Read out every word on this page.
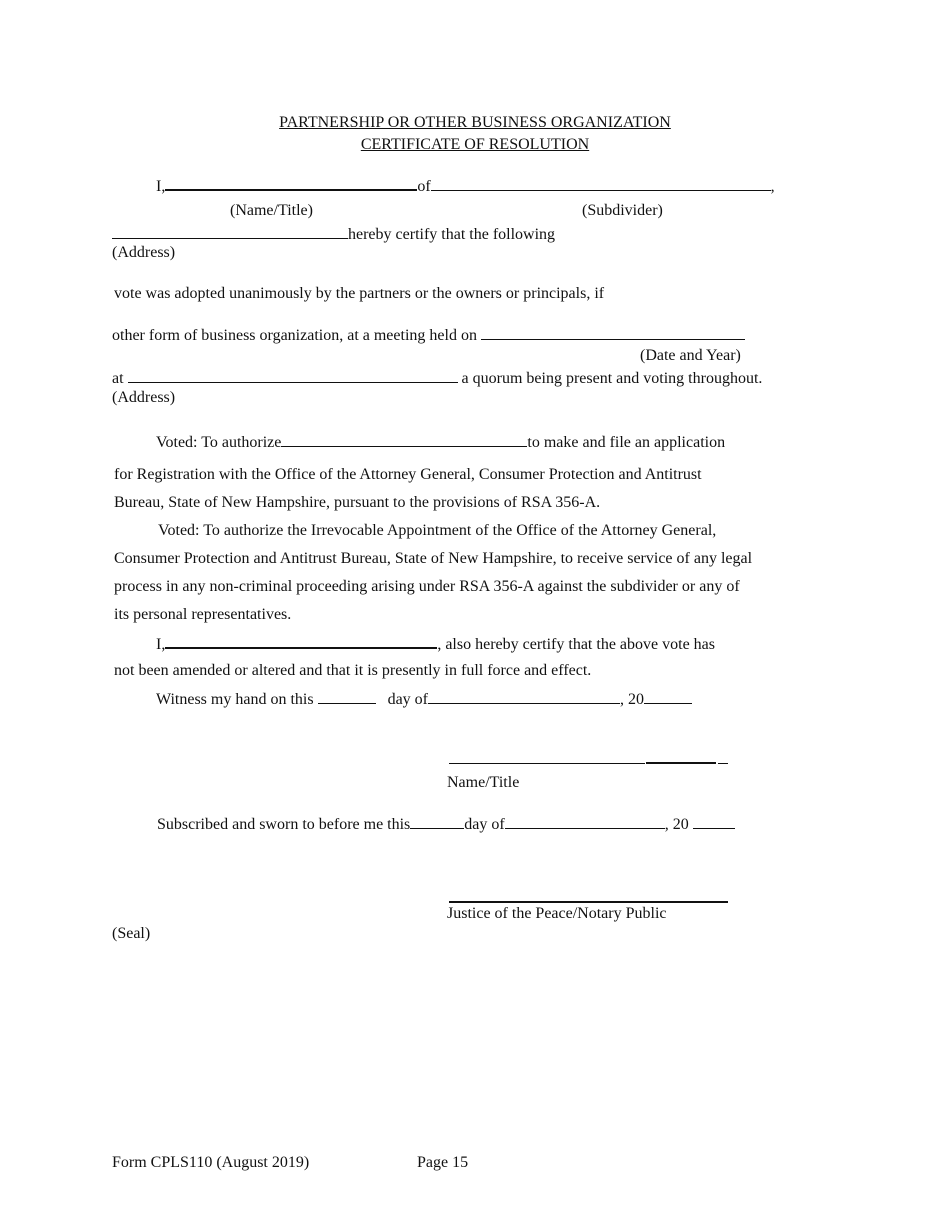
PARTNERSHIP OR OTHER BUSINESS ORGANIZATION
CERTIFICATE OF RESOLUTION
I,	of	,
(Name/Title)	(Subdivider)
hereby certify that the following
(Address)
vote was adopted unanimously by the partners or the owners or principals, if
other form of business organization, at a meeting held on
(Date and Year)
at	a quorum being present and voting throughout.
(Address)
Voted: To authorize	to make and file an application
for Registration with the Office of the Attorney General, Consumer Protection and Antitrust
Bureau, State of New Hampshire, pursuant to the provisions of RSA 356-A.
Voted: To authorize the Irrevocable Appointment of the Office of the Attorney General,
Consumer Protection and Antitrust Bureau, State of New Hampshire, to receive service of any legal
process in any non-criminal proceeding arising under RSA 356-A against the subdivider or any of
its personal representatives.
I,	, also hereby certify that the above vote has
not been amended or altered and that it is presently in full force and effect.
Witness my hand on this	day of	, 20
Name/Title
Subscribed and sworn to before me this	day of	, 20
Justice of the Peace/Notary Public
(Seal)
Form CPLS110 (August 2019)	Page 15
